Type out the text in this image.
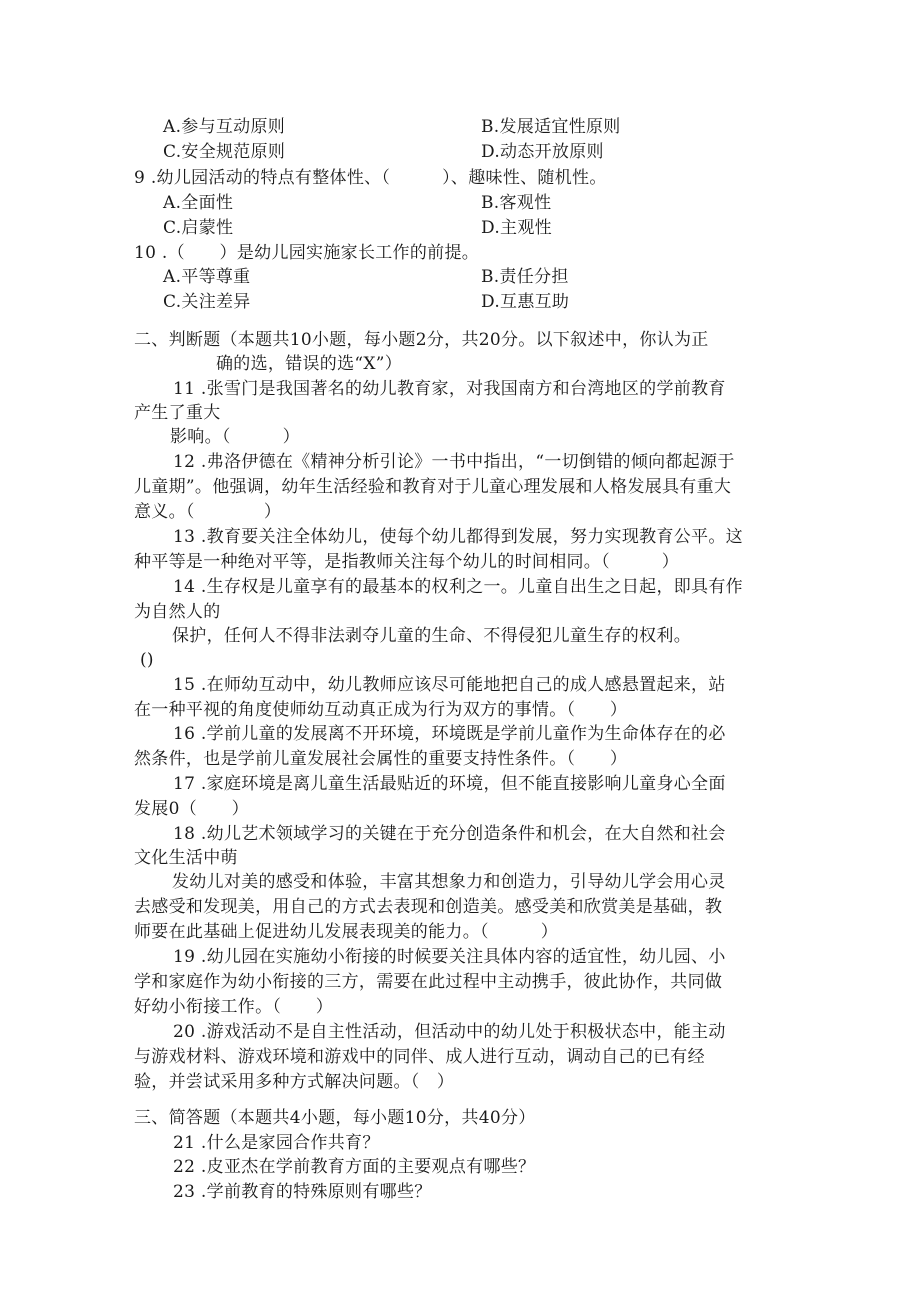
A.参与互动原则	B.发展适宜性原则
C.安全规范原则	D.动态开放原则
9 .幼儿园活动的特点有整体性、（　　　）、趣味性、随机性。
A.全面性	B.客观性
C.启蒙性	D.主观性
10 .（　　）是幼儿园实施家长工作的前提。
A.平等尊重	B.责任分担
C.关注差异	D.互惠互助
二、判断题（本题共10小题，每小题2分，共20分。以下叙述中，你认为正
确的选，错误的选“X”）
11 .张雪门是我国著名的幼儿教育家，对我国南方和台湾地区的学前教育
产生了重大
影响。（　　　）
12 .弗洛伊德在《精神分析引论》一书中指出，“一切倒错的倾向都起源于
儿童期”。他强调，幼年生活经验和教育对于儿童心理发展和人格发展具有重大
意义。（　　　　）
13 .教育要关注全体幼儿，使每个幼儿都得到发展，努力实现教育公平。这
种平等是一种绝对平等，是指教师关注每个幼儿的时间相同。（　　　）
14 .生存权是儿童享有的最基本的权利之一。儿童自出生之日起，即具有作
为自然人的
保护，任何人不得非法剥夺儿童的生命、不得侵犯儿童生存的权利。
()
15 .在师幼互动中，幼儿教师应该尽可能地把自己的成人感悬置起来，站
在一种平视的角度使师幼互动真正成为行为双方的事情。（　　）
16 .学前儿童的发展离不开环境，环境既是学前儿童作为生命体存在的必
然条件，也是学前儿童发展社会属性的重要支持性条件。（　　）
17 .家庭环境是离儿童生活最贴近的环境，但不能直接影响儿童身心全面
发展0（　　）
18 .幼儿艺术领域学习的关键在于充分创造条件和机会，在大自然和社会
文化生活中萌
发幼儿对美的感受和体验，丰富其想象力和创造力，引导幼儿学会用心灵
去感受和发现美，用自己的方式去表现和创造美。感受美和欣赏美是基础，教
师要在此基础上促进幼儿发展表现美的能力。（　　　）
19 .幼儿园在实施幼小衔接的时候要关注具体内容的适宜性，幼儿园、小
学和家庭作为幼小衔接的三方，需要在此过程中主动携手，彼此协作，共同做
好幼小衔接工作。（　　）
20 .游戏活动不是自主性活动，但活动中的幼儿处于积极状态中，能主动
与游戏材料、游戏环境和游戏中的同伴、成人进行互动，调动自己的已有经
验，并尝试采用多种方式解决问题。（　）
三、简答题（本题共4小题，每小题10分，共40分）
21 .什么是家园合作共育？
22 .皮亚杰在学前教育方面的主要观点有哪些？
23 .学前教育的特殊原则有哪些？
